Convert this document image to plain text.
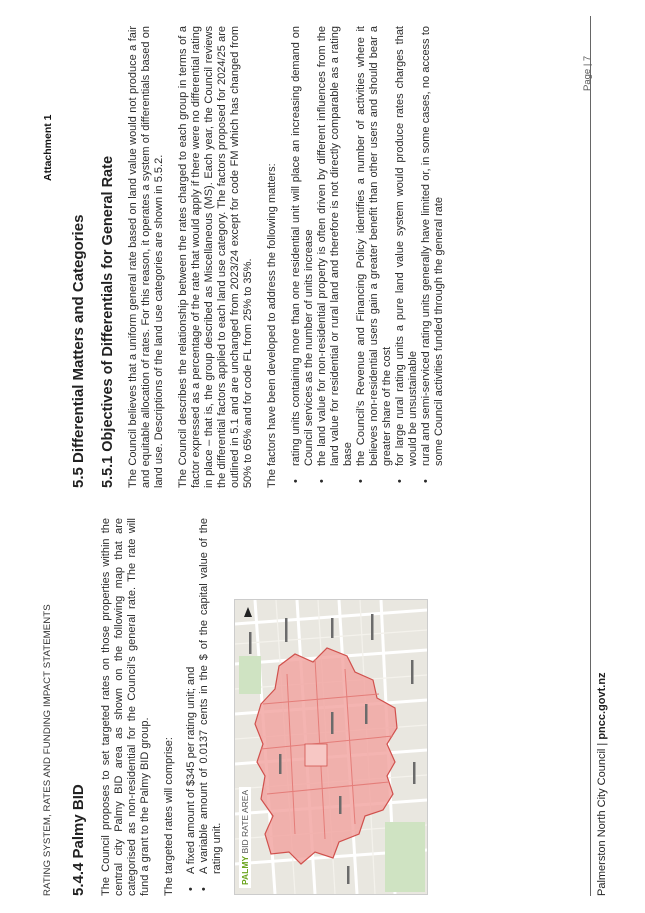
RATING SYSTEM, RATES AND FUNDING IMPACT STATEMENTS
Attachment 1
5.4.4 Palmy BID The Council proposes to set targeted rates on those properties within the central city Palmy BID area as shown on the following map that are categorised as non-residential for the Council’s general rate. The rate will fund a grant to the Palmy BID group. The targeted rates will comprise: •
A fixed amount of $345 per rating unit; and
•
A variable amount of 0.0137 cents in the $ of the capital value of the rating unit. PALMY BID RATE AREA
5.5 Differential Matters and Categories 5.5.1 Objectives of Differentials for General Rate The Council believes that a uniform general rate based on land value would not produce a fair and equitable allocation of rates. For this reason, it operates a system of differentials based on land use. Descriptions of the land use categories are shown in 5.5.2. The Council describes the relationship between the rates charged to each group in terms of a factor expressed as a percentage of the rate that would apply if there were no differential rating in place – that is, the group described as Miscellaneous (MS). Each year, the Council reviews the differential factors applied to each land use category. The factors proposed for 2024/25 are outlined in 5.1 and are unchanged from 2023/24 except for code FM which has changed from 50% to 65% and for code FL from 25% to 35%. The factors have been developed to address the following matters: •
rating units containing more than one residential unit will place an increasing demand on Council services as the number of units increase
•
the land value for non-residential property is often driven by different influences from the land value for residential or rural land and therefore is not directly comparable as a rating base
•
the Council’s Revenue and Financing Policy identifies a number of activities where it believes non-residential users gain a greater benefit than other users and should bear a greater share of the cost
•
for large rural rating units a pure land value system would produce rates charges that would be unsustainable
•
rural and semi-serviced rating units generally have limited or, in some cases, no access to some Council activities funded through the general rate
Palmerston North City Council | pncc.govt.nz
Page | 7
